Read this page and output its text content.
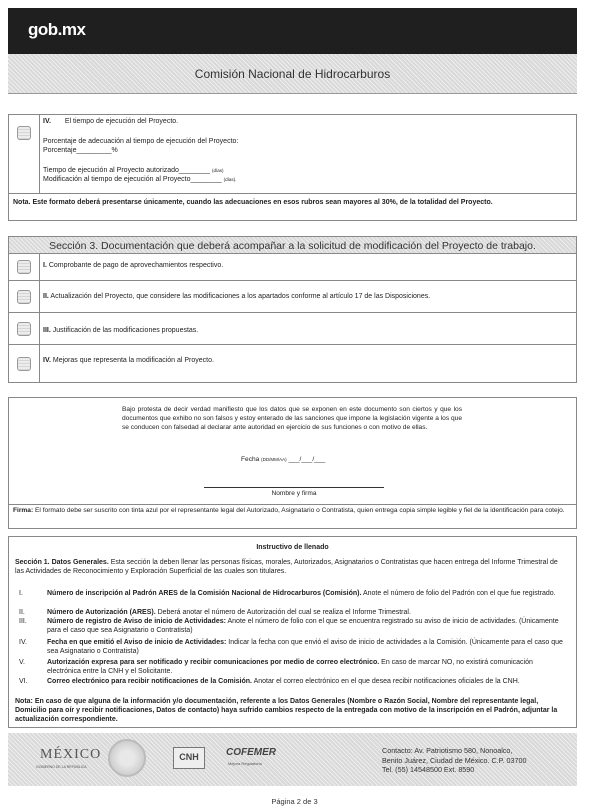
gob.mx
Comisión Nacional de Hidrocarburos
IV. El tiempo de ejecución del Proyecto.
Porcentaje de adecuación al tiempo de ejecución del Proyecto:
Porcentaje_________%
Tiempo de ejecución al Proyecto autorizado________ (días)
Modificación al tiempo de ejecución al Proyecto________ (días).
Nota. Este formato deberá presentarse únicamente, cuando las adecuaciones en esos rubros sean mayores al 30%, de la totalidad del Proyecto.
Sección 3. Documentación que deberá acompañar a la solicitud de modificación del Proyecto de trabajo.
I. Comprobante de pago de aprovechamientos respectivo.
II. Actualización del Proyecto, que considere las modificaciones a los apartados conforme al artículo 17 de las Disposiciones.
III. Justificación de las modificaciones propuestas.
IV. Mejoras que representa la modificación al Proyecto.
Bajo protesta de decir verdad manifiesto que los datos que se exponen en este documento son ciertos y que los documentos que exhibo no son falsos y estoy enterado de las sanciones que impone la legislación vigente a los que se conducen con falsedad al declarar ante autoridad en ejercicio de sus funciones o con motivo de ellas.
Fecha (DD/MM/AA) ___/___/___
Nombre y firma
Firma: El formato debe ser suscrito con tinta azul por el representante legal del Autorizado, Asignatario o Contratista, quien entrega copia simple legible y fiel de la identificación para cotejo.
Instructivo de llenado
Sección 1. Datos Generales. Esta sección la deben llenar las personas físicas, morales, Autorizados, Asignatarios o Contratistas que hacen entrega del Informe Trimestral de las Actividades de Reconocimiento y Exploración Superficial de las cuales son titulares.
I.	Número de inscripción al Padrón ARES de la Comisión Nacional de Hidrocarburos (Comisión). Anote el número de folio del Padrón con el que fue registrado.
II.	Número de Autorización (ARES). Deberá anotar el número de Autorización del cual se realiza el Informe Trimestral.
III.	Número de registro de Aviso de inicio de Actividades: Anote el número de folio con el que se encuentra registrado su aviso de inicio de actividades. (Únicamente para el caso que sea Asignatario o Contratista)
IV.	Fecha en que emitió el Aviso de inicio de Actividades: Indicar la fecha con que envió el aviso de inicio de actividades a la Comisión. (Únicamente para el caso que sea Asignatario o Contratista)
V.	Autorización expresa para ser notificado y recibir comunicaciones por medio de correo electrónico. En caso de marcar NO, no existirá comunicación electrónica entre la CNH y el Solicitante.
VI.	Correo electrónico para recibir notificaciones de la Comisión. Anotar el correo electrónico en el que desea recibir notificaciones oficiales de la CNH.
Nota: En caso de que alguna de la información y/o documentación, referente a los Datos Generales (Nombre o Razón Social, Nombre del representante legal, Domicilio para oír y recibir notificaciones, Datos de contacto) haya sufrido cambios respecto de la entregada con motivo de la inscripción en el Padrón, adjuntar la actualización correspondiente.
MÉXICO
GOBIERNO DE LA REPÚBLICA
CNH	COFEMER
Mejora Regulatoria
Contacto: Av. Patriotismo 580, Nonoalco,
Benito Juárez, Ciudad de México. C.P. 03700
Tel. (55) 14548500 Ext. 8590
Página 2 de 3
